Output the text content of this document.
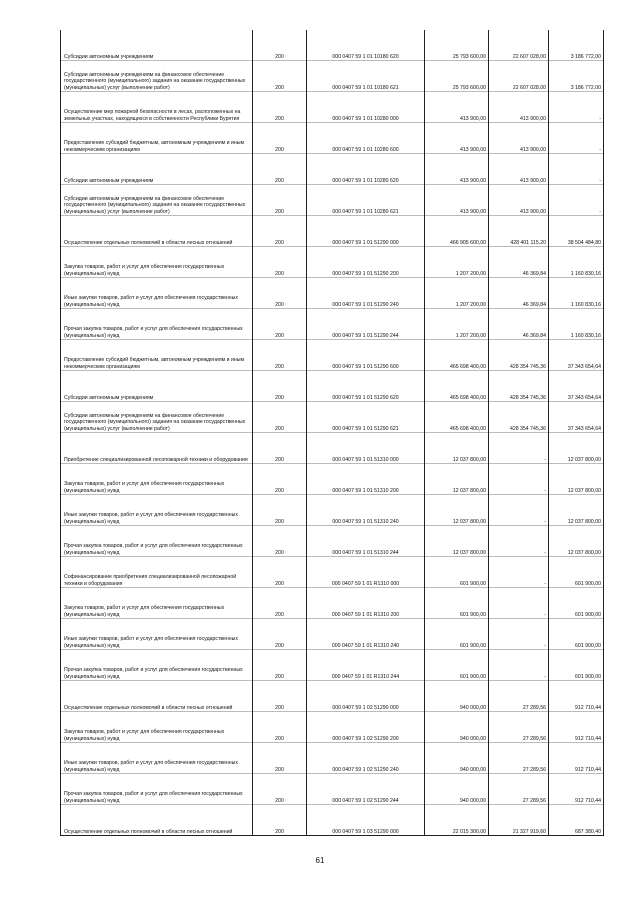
Субсидии автономным учреждениям	200	000 0407 59 1 01 10180 620	25 793 600,00	22 607 028,00	3 186 772,00
Субсидии автономным учреждениям на финансовое обеспечение государственного (муниципального) задания на оказание государственных (муниципальных) услуг (выполнение работ)	200	000 0407 59 1 01 10180 621	25 793 600,00	22 607 028,00	3 186 772,00
Осуществление мер пожарной безопасности в лесах, расположенных на земельных участках, находящихся в собственности Республики Бурятия	200	000 0407 59 1 01 10280 000	413 900,00	413 900,00	-
Предоставление субсидий бюджетным, автономным учреждениям и иным некоммерческим организациям	200	000 0407 59 1 01 10280 600	413 900,00	413 900,00	-
Субсидии автономным учреждениям	200	000 0407 59 1 01 10280 620	413 900,00	413 900,00	-
Субсидии автономным учреждениям на финансовое обеспечение государственного (муниципального) задания на оказание государственных (муниципальных) услуг (выполнение работ)	200	000 0407 59 1 01 10280 621	413 900,00	413 900,00	-
Осуществление отдельных полномочий в области лесных отношений	200	000 0407 59 1 01 51290 000	466 905 600,00	428 401 115,20	38 504 484,80
Закупка товаров, работ и услуг для обеспечения государственных (муниципальных) нужд	200	000 0407 59 1 01 51290 200	1 207 200,00	46 369,84	1 160 830,16
Иные закупки товаров, работ и услуг для обеспечения государственных (муниципальных) нужд	200	000 0407 59 1 01 51290 240	1 207 200,00	46 369,84	1 160 830,16
Прочая закупка товаров, работ и услуг для обеспечения государственных (муниципальных) нужд	200	000 0407 59 1 01 51290 244	1 207 200,00	46 369,84	1 160 830,16
Предоставление субсидий бюджетным, автономным учреждениям и иным некоммерческим организациям	200	000 0407 59 1 01 51290 600	465 698 400,00	428 354 745,36	37 343 654,64
Субсидии автономным учреждениям	200	000 0407 59 1 01 51290 620	465 698 400,00	428 354 745,36	37 343 654,64
Субсидии автономным учреждениям на финансовое обеспечение государственного (муниципального) задания на оказание государственных (муниципальных) услуг (выполнение работ)	200	000 0407 59 1 01 51290 621	465 698 400,00	428 354 745,36	37 343 654,64
Приобретение специализированной лесопожарной техники и оборудования	200	000 0407 59 1 01 51310 000	12 037 800,00	-	12 037 800,00
Закупка товаров, работ и услуг для обеспечения государственных (муниципальных) нужд	200	000 0407 59 1 01 51310 200	12 037 800,00	-	12 037 800,00
Иные закупки товаров, работ и услуг для обеспечения государственных (муниципальных) нужд	200	000 0407 59 1 01 51310 240	12 037 800,00	-	12 037 800,00
Прочая закупка товаров, работ и услуг для обеспечения государственных (муниципальных) нужд	200	000 0407 59 1 01 51310 244	12 037 800,00	-	12 037 800,00
Софинансирование приобретения специализированной лесопожарной техники и оборудования	200	000 0407 59 1 01 R1310 000	601 900,00	-	601 900,00
Закупка товаров, работ и услуг для обеспечения государственных (муниципальных) нужд	200	000 0407 59 1 01 R1310 200	601 900,00	-	601 900,00
Иные закупки товаров, работ и услуг для обеспечения государственных (муниципальных) нужд	200	000 0407 59 1 01 R1310 240	601 900,00	-	601 900,00
Прочая закупка товаров, работ и услуг для обеспечения государственных (муниципальных) нужд	200	000 0407 59 1 01 R1310 244	601 900,00	-	601 900,00
Осуществление отдельных полномочий в области лесных отношений	200	000 0407 59 1 02 51290 000	940 000,00	27 289,56	912 710,44
Закупка товаров, работ и услуг для обеспечения государственных (муниципальных) нужд	200	000 0407 59 1 02 51290 200	940 000,00	27 289,56	912 710,44
Иные закупки товаров, работ и услуг для обеспечения государственных (муниципальных) нужд	200	000 0407 59 1 02 51290 240	940 000,00	27 289,56	912 710,44
Прочая закупка товаров, работ и услуг для обеспечения государственных (муниципальных) нужд	200	000 0407 59 1 02 51290 244	940 000,00	27 289,56	912 710,44
Осуществление отдельных полномочий в области лесных отношений	200	000 0407 59 1 03 51290 000	22 015 300,00	21 327 919,60	687 380,40
61
